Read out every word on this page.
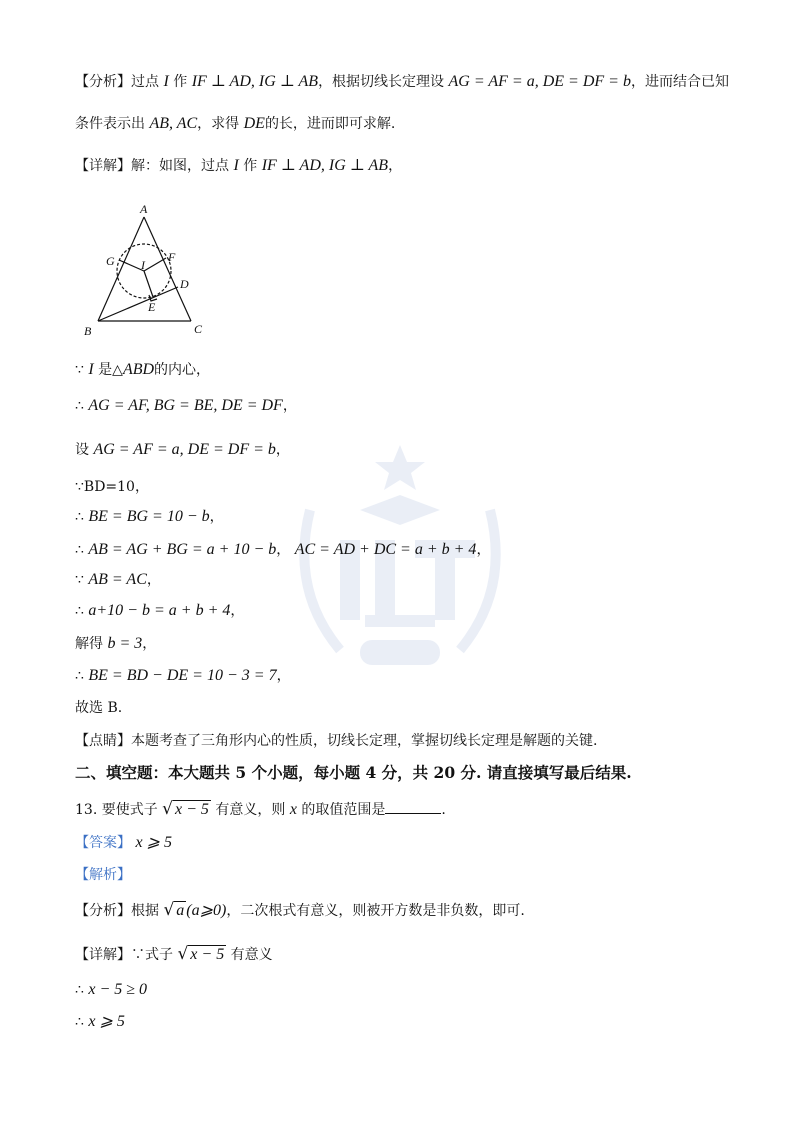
【分析】过点 I 作 IF ⊥ AD, IG ⊥ AB，根据切线长定理设 AG = AF = a, DE = DF = b，进而结合已知
条件表示出 AB, AC，求得 DE的长，进而即可求解.
【详解】解：如图，过点 I 作 IF ⊥ AD, IG ⊥ AB，
A
B	C
D
E
F
G I
∵ I 是△ABD的内心，
∴ AG = AF, BG = BE, DE = DF，
设 AG = AF = a, DE = DF = b，
∵BD=10，
∴ BE = BG = 10 − b，
∴ AB = AG + BG = a + 10 − b， AC = AD + DC = a + b + 4，
∵ AB = AC，
∴ a+10 − b = a + b + 4，
解得 b = 3，
∴ BE = BD − DE = 10 − 3 = 7，
故选 B.
【点睛】本题考查了三角形内心的性质，切线长定理，掌握切线长定理是解题的关键.
二、填空题：本大题共 5 个小题，每小题 4 分，共 20 分. 请直接填写最后结果.
13. 要使式子 √ x − 5 有意义，则 x 的取值范围是	.
【答案】 x ⩾ 5
【解析】
【分析】根据 √ a (a⩾0)，二次根式有意义，则被开方数是非负数，即可.
【详解】∵式子 √ x − 5 有意义
∴ x − 5 ≥ 0
∴ x ⩾ 5
